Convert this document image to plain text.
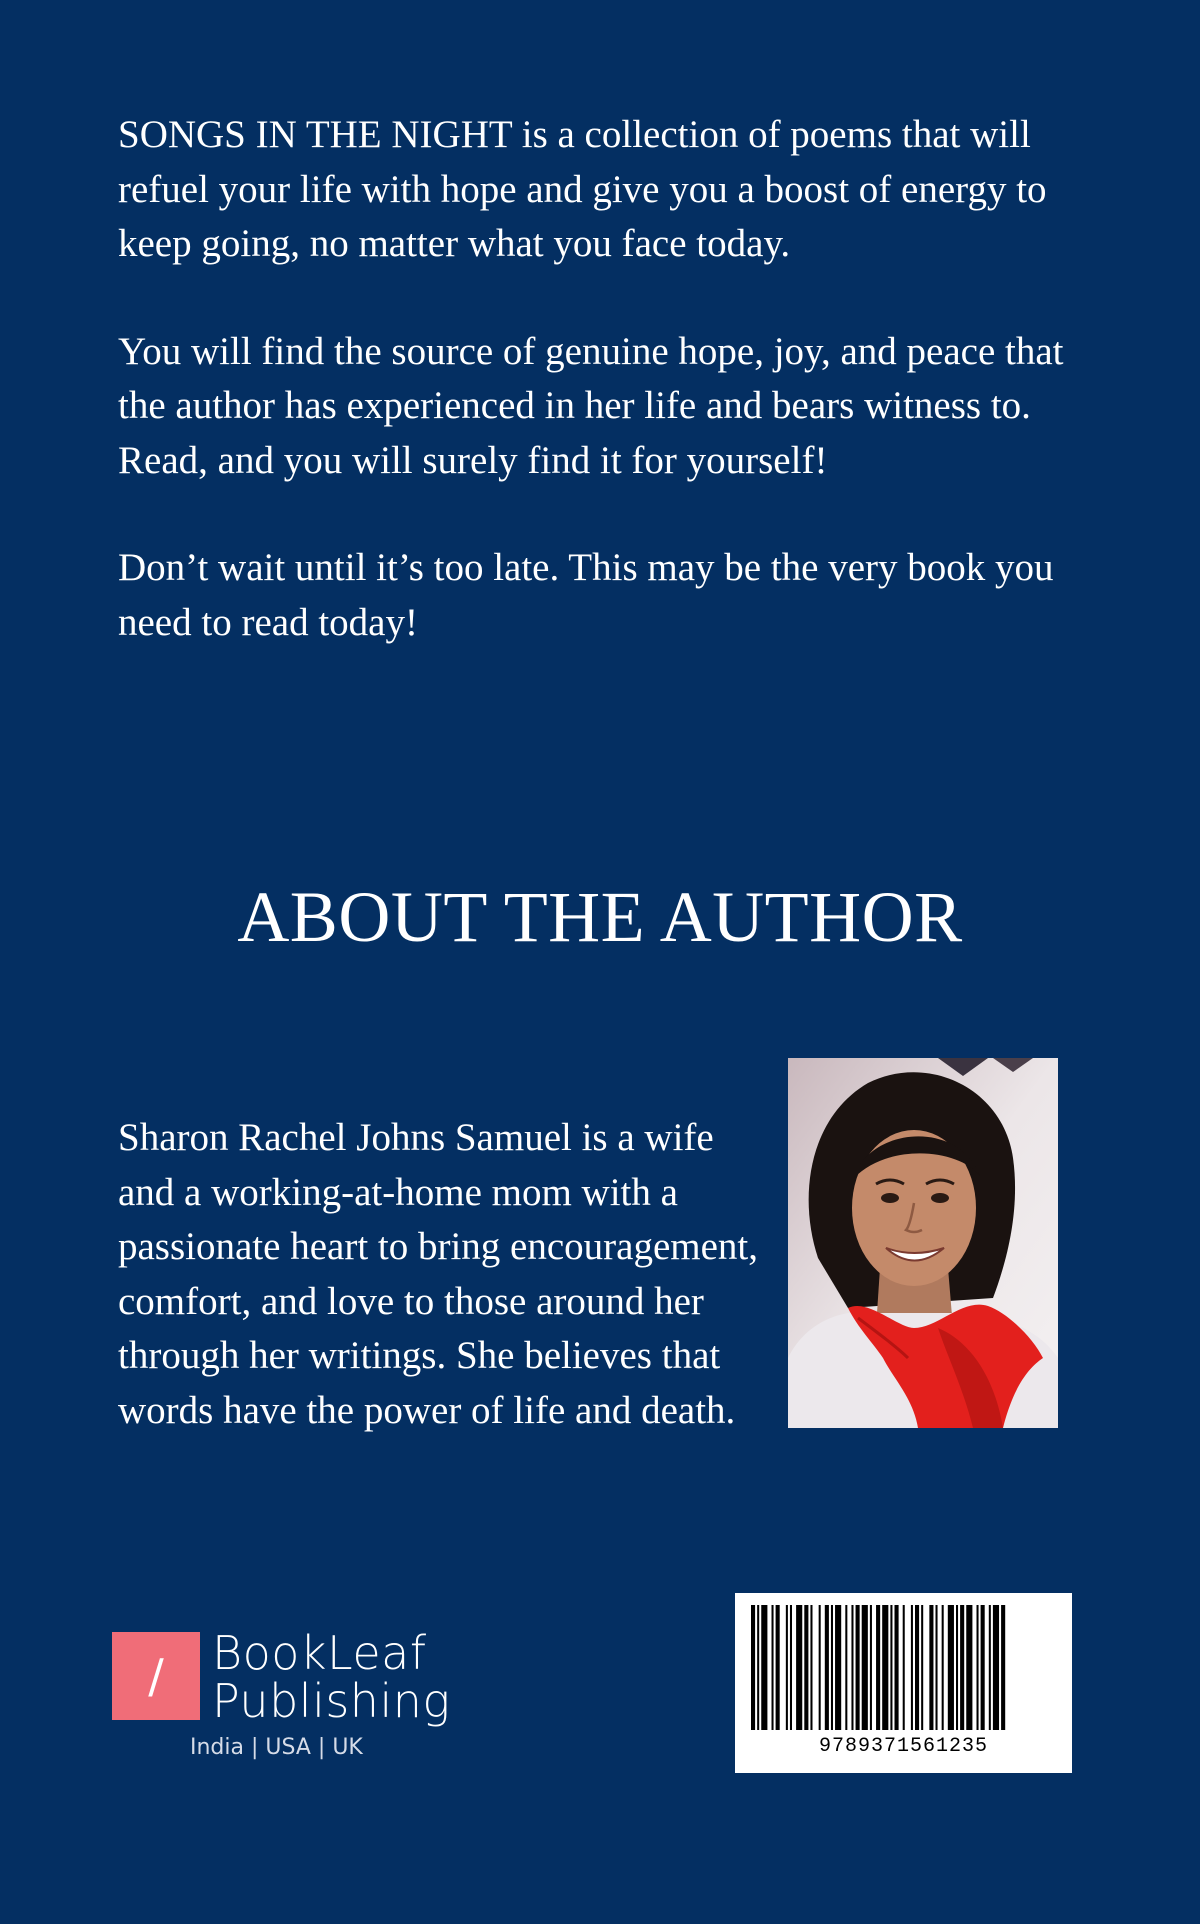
SONGS IN THE NIGHT is a collection of poems that will refuel your life with hope and give you a boost of energy to keep going, no matter what you face today.

You will find the source of genuine hope, joy, and peace that the author has experienced in her life and bears witness to. Read, and you will surely find it for yourself!

Don’t wait until it’s too late. This may be the very book you need to read today!

ABOUT THE AUTHOR

Sharon Rachel Johns Samuel is a wife and a working-at-home mom with a passionate heart to bring encouragement, comfort, and love to those around her through her writings. She believes that words have the power of life and death.

/	BookLeaf
Publishing
India | USA | UK	9789371561235
